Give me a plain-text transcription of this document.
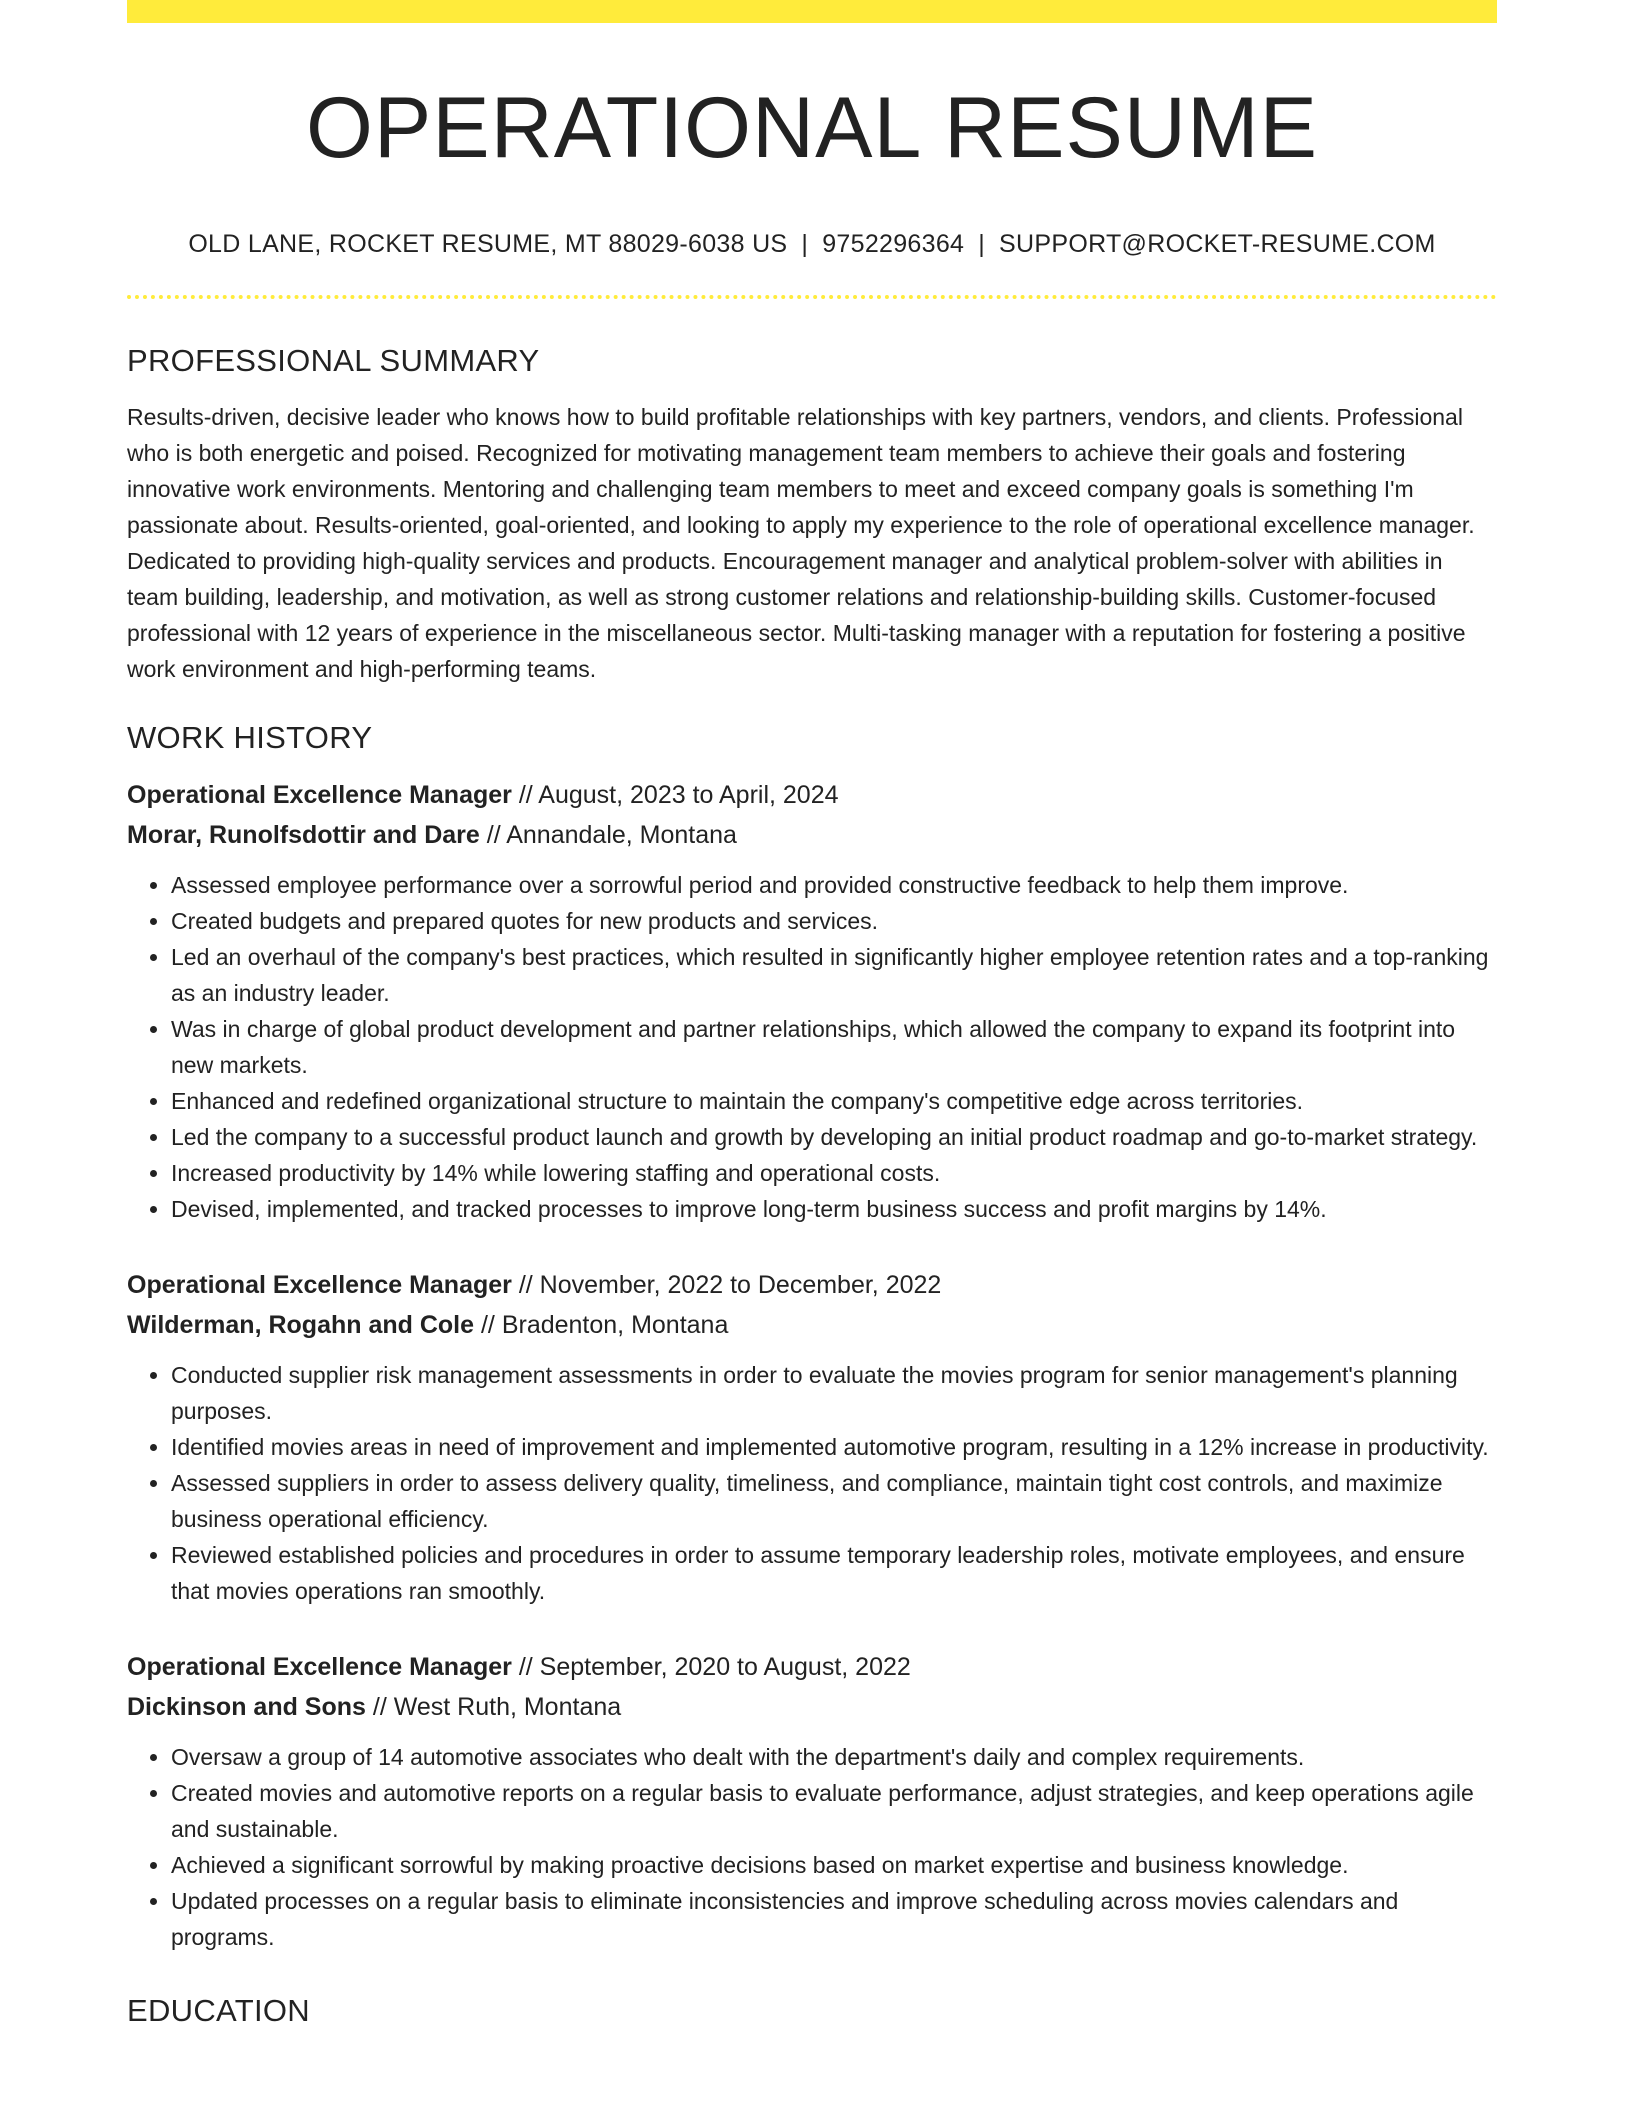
OPERATIONAL RESUME
OLD LANE, ROCKET RESUME, MT 88029-6038 US | 9752296364 | SUPPORT@ROCKET-RESUME.COM
PROFESSIONAL SUMMARY

Results-driven, decisive leader who knows how to build profitable relationships with key partners, vendors, and clients. Professional who is both energetic and poised. Recognized for motivating management team members to achieve their goals and fostering innovative work environments. Mentoring and challenging team members to meet and exceed company goals is something I'm passionate about. Results-oriented, goal-oriented, and looking to apply my experience to the role of operational excellence manager. Dedicated to providing high-quality services and products. Encouragement manager and analytical problem-solver with abilities in team building, leadership, and motivation, as well as strong customer relations and relationship-building skills. Customer-focused professional with 12 years of experience in the miscellaneous sector. Multi-tasking manager with a reputation for fostering a positive work environment and high-performing teams.

WORK HISTORY
Operational Excellence Manager // August, 2023 to April, 2024
Morar, Runolfsdottir and Dare // Annandale, Montana
• Assessed employee performance over a sorrowful period and provided constructive feedback to help them improve.
• Created budgets and prepared quotes for new products and services.
• Led an overhaul of the company's best practices, which resulted in significantly higher employee retention rates and a top-ranking as an industry leader.
• Was in charge of global product development and partner relationships, which allowed the company to expand its footprint into new markets.
• Enhanced and redefined organizational structure to maintain the company's competitive edge across territories.
• Led the company to a successful product launch and growth by developing an initial product roadmap and go-to-market strategy.
• Increased productivity by 14% while lowering staffing and operational costs.
• Devised, implemented, and tracked processes to improve long-term business success and profit margins by 14%.
Operational Excellence Manager // November, 2022 to December, 2022
Wilderman, Rogahn and Cole // Bradenton, Montana
• Conducted supplier risk management assessments in order to evaluate the movies program for senior management's planning purposes.
• Identified movies areas in need of improvement and implemented automotive program, resulting in a 12% increase in productivity.
• Assessed suppliers in order to assess delivery quality, timeliness, and compliance, maintain tight cost controls, and maximize business operational efficiency.
• Reviewed established policies and procedures in order to assume temporary leadership roles, motivate employees, and ensure that movies operations ran smoothly.
Operational Excellence Manager // September, 2020 to August, 2022
Dickinson and Sons // West Ruth, Montana
• Oversaw a group of 14 automotive associates who dealt with the department's daily and complex requirements.
• Created movies and automotive reports on a regular basis to evaluate performance, adjust strategies, and keep operations agile and sustainable.
• Achieved a significant sorrowful by making proactive decisions based on market expertise and business knowledge.
• Updated processes on a regular basis to eliminate inconsistencies and improve scheduling across movies calendars and programs.
EDUCATION
